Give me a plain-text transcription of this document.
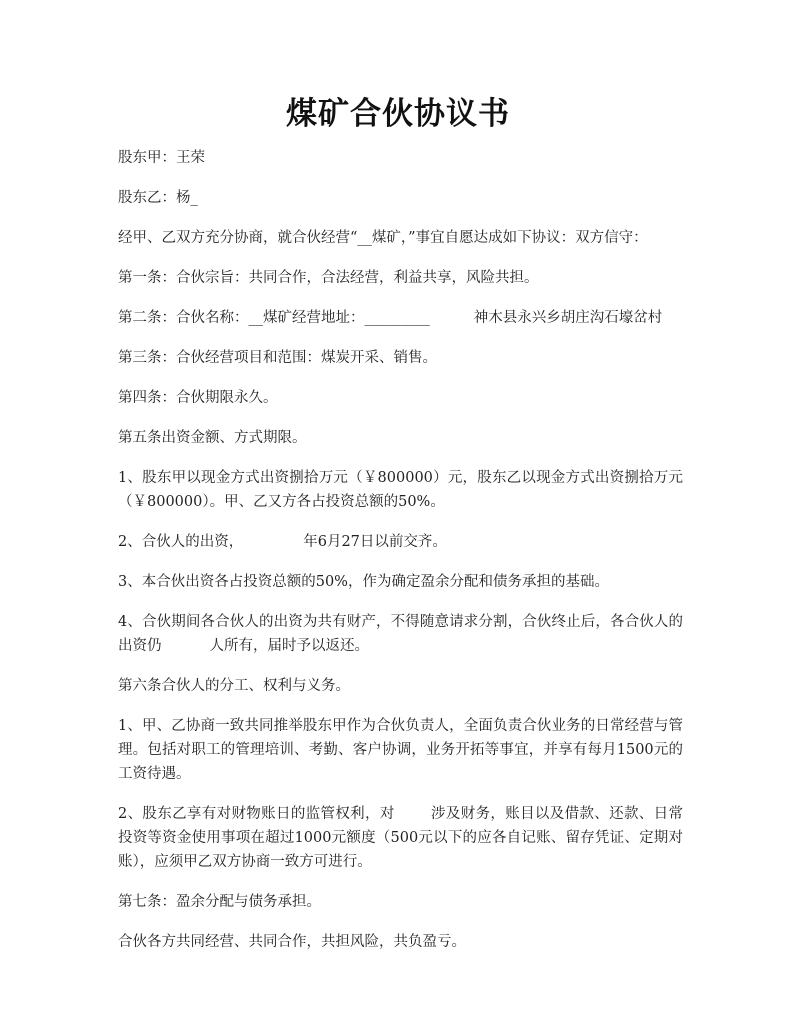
煤矿合伙协议书

股东甲：王荣

股东乙：杨_

经甲、乙双方充分协商，就合伙经营“__煤矿，”事宜自愿达成如下协议：双方信守：

第一条：合伙宗旨：共同合作，合法经营，利益共享，风险共担。

第二条：合伙名称：__煤矿经营地址：_________	神木县永兴乡胡庄沟石壕岔村

第三条：合伙经营项目和范围：煤炭开采、销售。

第四条：合伙期限永久。

第五条出资金额、方式期限。

1、股东甲以现金方式出资捌拾万元（￥800000）元，股东乙以现金方式出资捌拾万元（￥800000）。甲、乙又方各占投资总额的50%。

2、合伙人的出资，	年6月27日以前交齐。

3、本合伙出资各占投资总额的50%，作为确定盈余分配和债务承担的基础。

4、合伙期间各合伙人的出资为共有财产，不得随意请求分割，合伙终止后，各合伙人的出资仍	人所有，届时予以返还。

第六条合伙人的分工、权利与义务。

1、甲、乙协商一致共同推举股东甲作为合伙负责人，全面负责合伙业务的日常经营与管理。包括对职工的管理培训、考勤、客户协调，业务开拓等事宜，并享有每月1500元的工资待遇。

2、股东乙享有对财物账日的监管权利，对 涉及财务，账目以及借款、还款、日常投资等资金使用事项在超过1000元额度（500元以下的应各自记账、留存凭证、定期对账），应须甲乙双方协商一致方可进行。

第七条：盈余分配与债务承担。

合伙各方共同经营、共同合作，共担风险，共负盈亏。
